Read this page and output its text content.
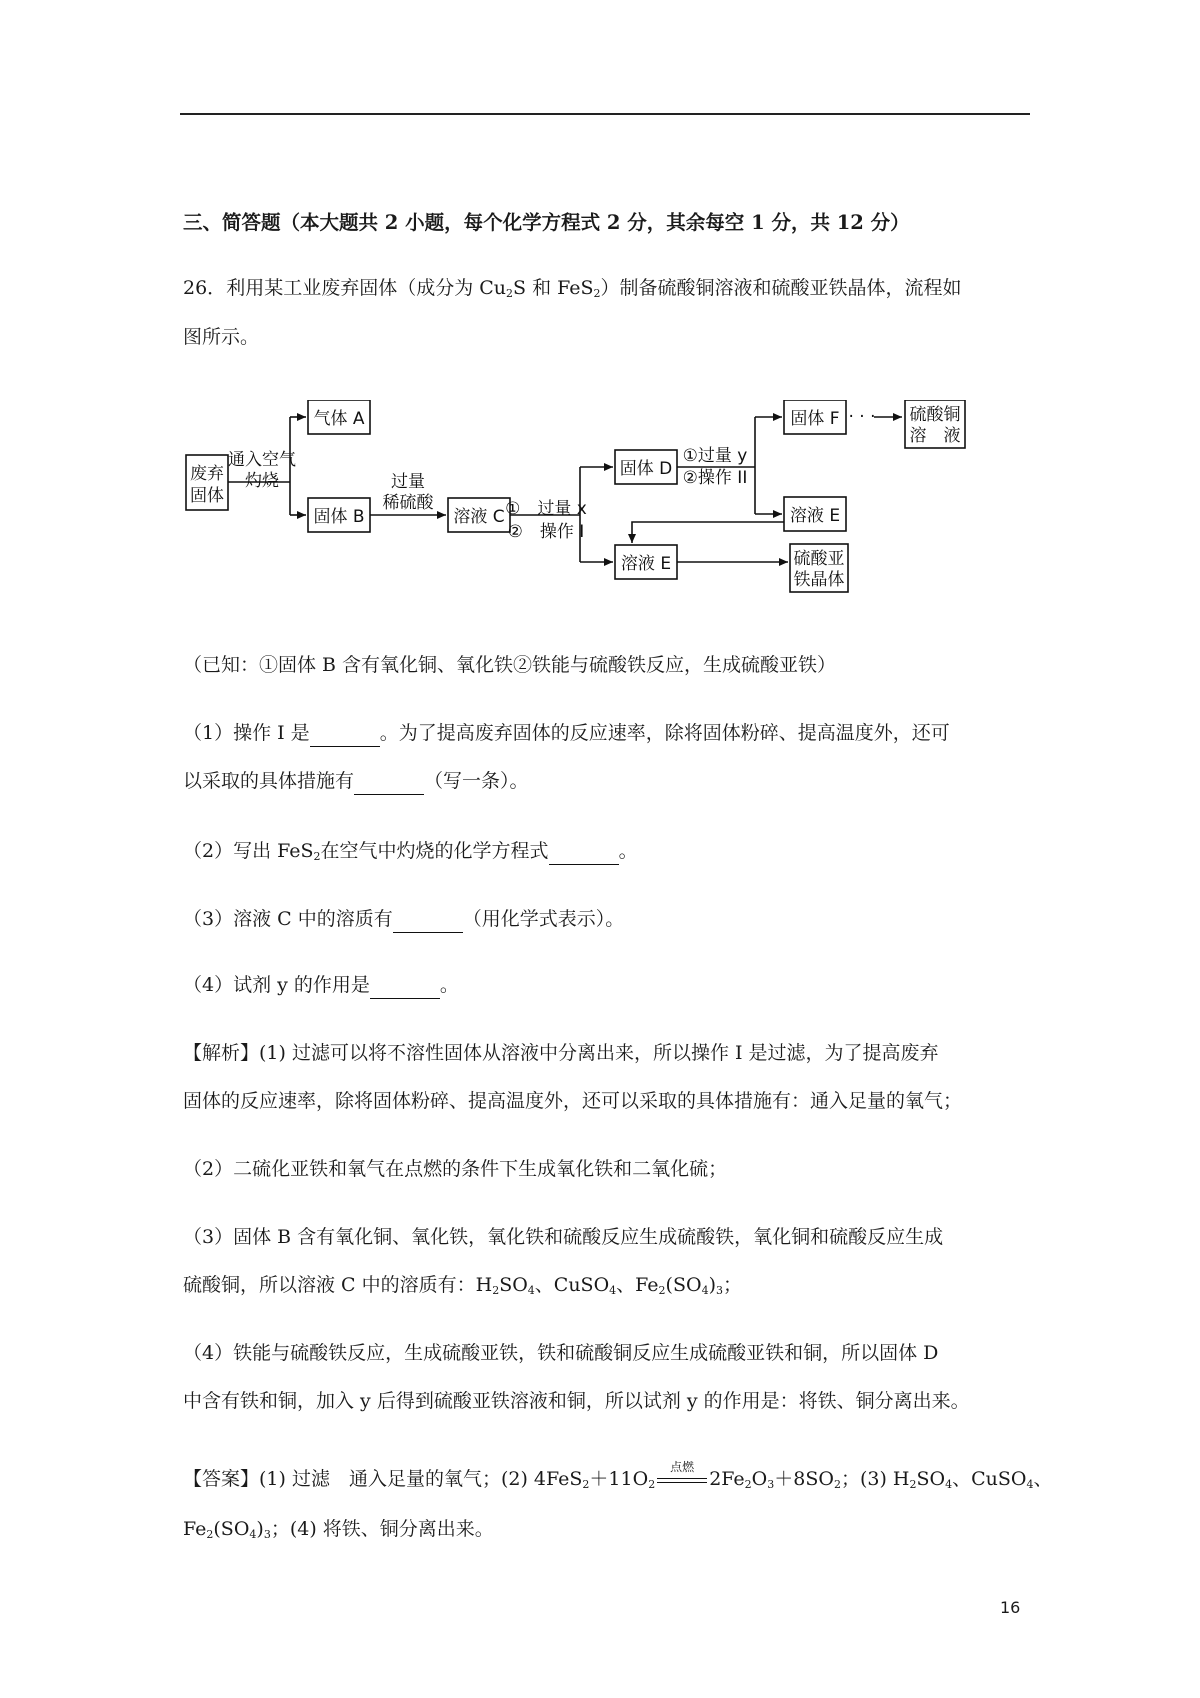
三、简答题（本大题共 2 小题，每个化学方程式 2 分，其余每空 1 分，共 12 分）
26．利用某工业废弃固体（成分为 $Cu_2S$ 和 FeS$_2$）制备硫酸铜溶液和硫酸亚铁晶体，流程如
图所示。
废弃
固体
通入空气
灼烧
气体 A
固体 B
过量
稀硫酸
溶液 C ①　过量 x
②　操作 I
固体 D
①过量 y
②操作 II
固体 F · · · 硫酸铜
溶　液
溶液 E
溶液 E	硫酸亚
铁晶体
（已知：①固体 B 含有氧化铜、氧化铁②铁能与硫酸铁反应，生成硫酸亚铁）
（1）操作 I 是	。为了提高废弃固体的反应速率，除将固体粉碎、提高温度外，还可
以采取的具体措施有	（写一条）。
（2）写出 FeS$_2$在空气中灼烧的化学方程式	。
（3）溶液 C 中的溶质有	（用化学式表示）。
（4）试剂 y 的作用是	。
【解析】(1) 过滤可以将不溶性固体从溶液中分离出来，所以操作 I 是过滤，为了提高废弃
固体的反应速率，除将固体粉碎、提高温度外，还可以采取的具体措施有：通入足量的氧气；
（2）二硫化亚铁和氧气在点燃的条件下生成氧化铁和二氧化硫；
（3）固体 B 含有氧化铜、氧化铁，氧化铁和硫酸反应生成硫酸铁，氧化铜和硫酸反应生成
硫酸铜，所以溶液 C 中的溶质有：$H_2SO_4$、CuSO$_4$、$Fe_2(SO_4)_3$；
（4）铁能与硫酸铁反应，生成硫酸亚铁，铁和硫酸铜反应生成硫酸亚铁和铜，所以固体 D
中含有铁和铜，加入 y 后得到硫酸亚铁溶液和铜，所以试剂 y 的作用是：将铁、铜分离出来。
【答案】(1) 过滤　通入足量的氧气；(2) $4FeS_2+11O_2$
点燃
$2Fe_2O_3+8SO_2$；(3) $H_2SO_4$、CuSO$_4$、
$Fe_2(SO_4)_3$；(4) 将铁、铜分离出来。
16
